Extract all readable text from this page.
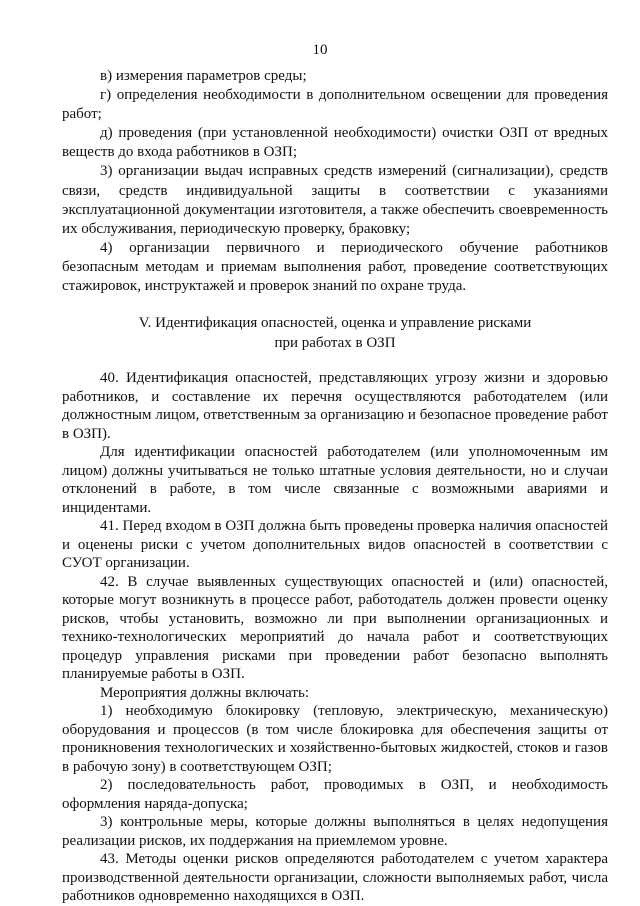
10

в) измерения параметров среды;

г) определения необходимости в дополнительном освещении для проведения работ;

д) проведения (при установленной необходимости) очистки ОЗП от вредных веществ до входа работников в ОЗП;

3) организации выдач исправных средств измерений (сигнализации), средств связи, средств индивидуальной защиты в соответствии с указаниями эксплуатационной документации изготовителя, а также обеспечить своевременность их обслуживания, периодическую проверку, браковку;

4) организации первичного и периодического обучение работников безопасным методам и приемам выполнения работ, проведение соответствующих стажировок, инструктажей и проверок знаний по охране труда.

V. Идентификация опасностей, оценка и управление рисками
при работах в ОЗП

40. Идентификация опасностей, представляющих угрозу жизни и здоровью работников, и составление их перечня осуществляются работодателем (или должностным лицом, ответственным за организацию и безопасное проведение работ в ОЗП).

Для идентификации опасностей работодателем (или уполномоченным им лицом) должны учитываться не только штатные условия деятельности, но и случаи отклонений в работе, в том числе связанные с возможными авариями и инцидентами.

41. Перед входом в ОЗП должна быть проведены проверка наличия опасностей и оценены риски с учетом дополнительных видов опасностей в соответствии с СУОТ организации.

42. В случае выявленных существующих опасностей и (или) опасностей, которые могут возникнуть в процессе работ, работодатель должен провести оценку рисков, чтобы установить, возможно ли при выполнении организационных и технико-технологических мероприятий до начала работ и соответствующих процедур управления рисками при проведении работ безопасно выполнять планируемые работы в ОЗП.

Мероприятия должны включать:

1) необходимую блокировку (тепловую, электрическую, механическую) оборудования и процессов (в том числе блокировка для обеспечения защиты от проникновения технологических и хозяйственно-бытовых жидкостей, стоков и газов в рабочую зону) в соответствующем ОЗП;

2) последовательность работ, проводимых в ОЗП, и необходимость оформления наряда-допуска;

3) контрольные меры, которые должны выполняться в целях недопущения реализации рисков, их поддержания на приемлемом уровне.

43. Методы оценки рисков определяются работодателем с учетом характера производственной деятельности организации, сложности выполняемых работ, числа работников одновременно находящихся в ОЗП.
